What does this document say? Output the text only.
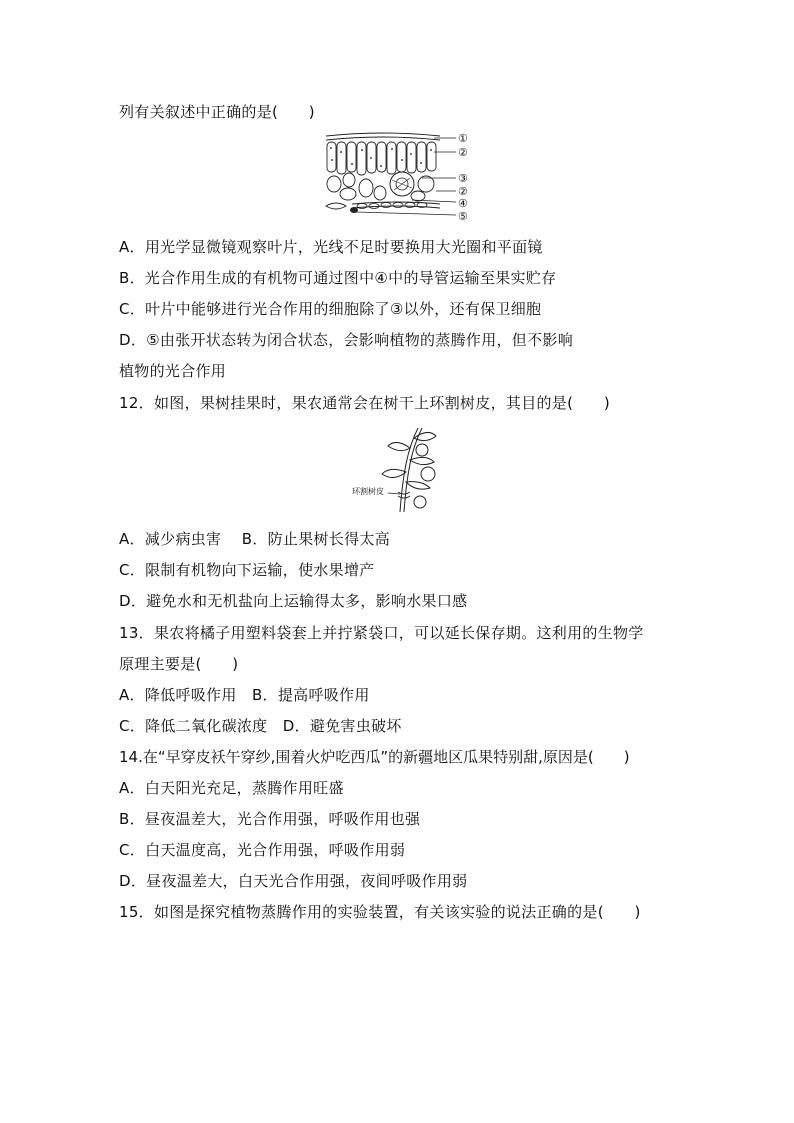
列有关叙述中正确的是(　　)
①
②
③
②
④
⑤
A．用光学显微镜观察叶片，光线不足时要换用大光圈和平面镜
B．光合作用生成的有机物可通过图中④中的导管运输至果实贮存
C．叶片中能够进行光合作用的细胞除了③以外，还有保卫细胞
D．⑤由张开状态转为闭合状态，会影响植物的蒸腾作用，但不影响
植物的光合作用
12．如图，果树挂果时，果农通常会在树干上环割树皮，其目的是(　　)
环割树皮
A．减少病虫害　 B．防止果树长得太高
C．限制有机物向下运输，使水果增产
D．避免水和无机盐向上运输得太多，影响水果口感
13．果农将橘子用塑料袋套上并拧紧袋口，可以延长保存期。这利用的生物学
原理主要是(　　)
A．降低呼吸作用　B．提高呼吸作用
C．降低二氧化碳浓度　D．避免害虫破坏
14.在“早穿皮袄午穿纱,围着火炉吃西瓜”的新疆地区瓜果特别甜,原因是(　　)
A．白天阳光充足，蒸腾作用旺盛
B．昼夜温差大，光合作用强，呼吸作用也强
C．白天温度高，光合作用强，呼吸作用弱
D．昼夜温差大，白天光合作用强，夜间呼吸作用弱
15．如图是探究植物蒸腾作用的实验装置，有关该实验的说法正确的是(　　)
